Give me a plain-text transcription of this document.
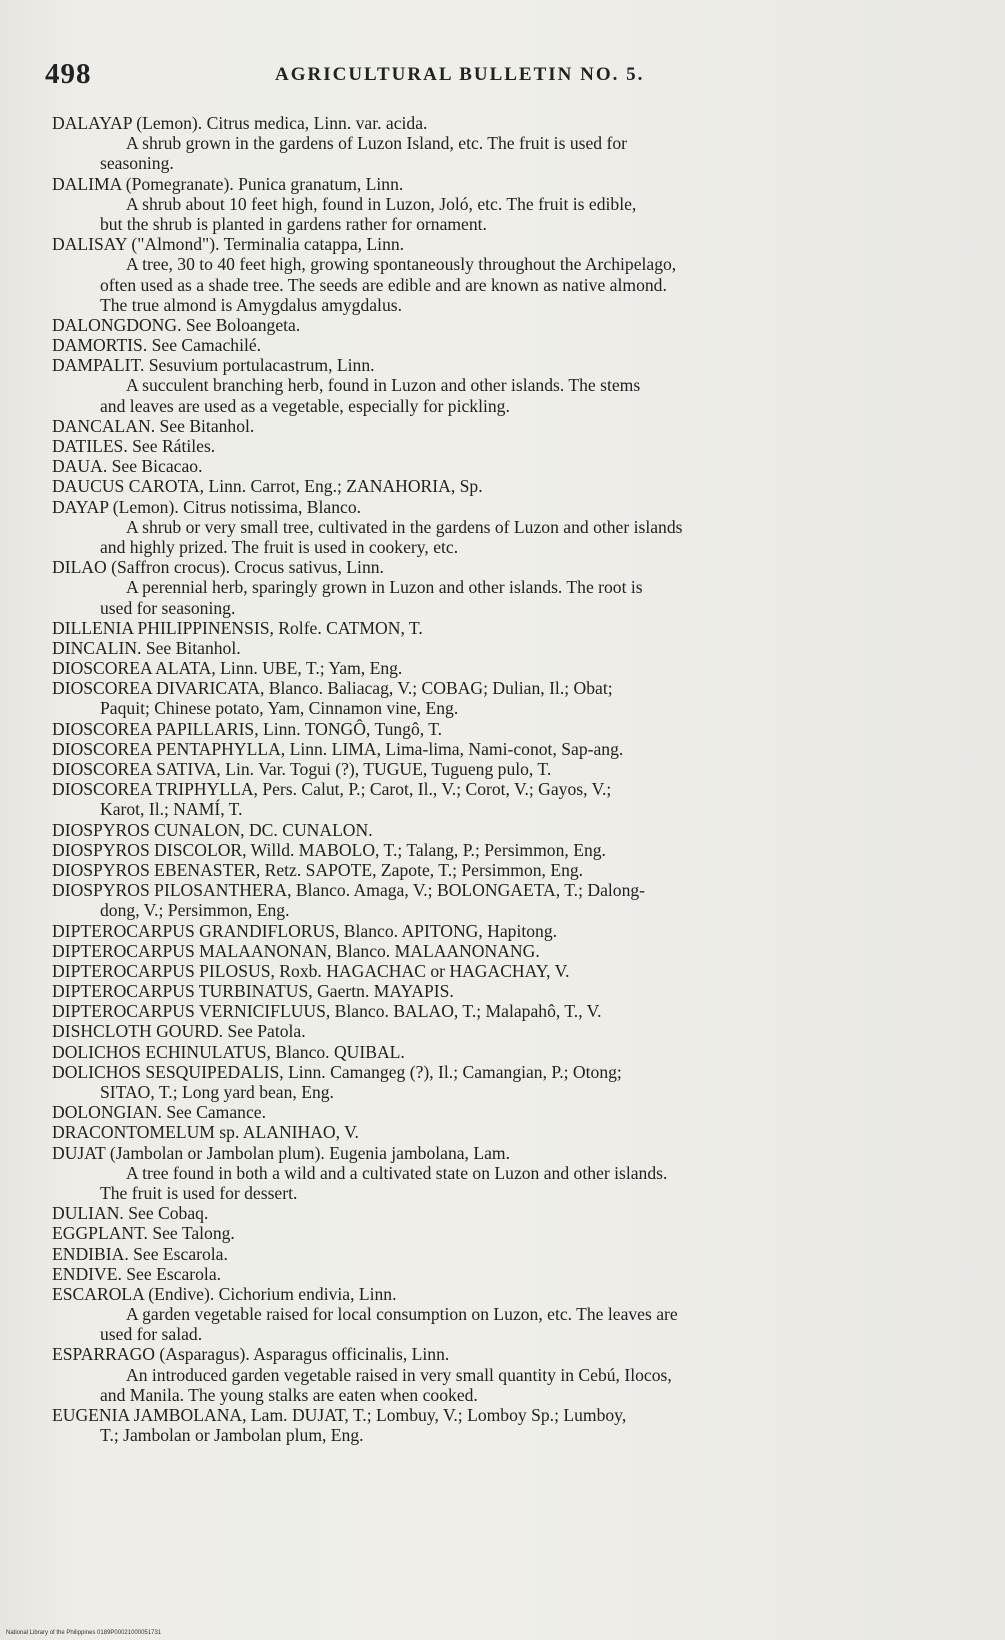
498	AGRICULTURAL BULLETIN NO. 5.
DALAYAP (Lemon). Citrus medica, Linn. var. acida.
A shrub grown in the gardens of Luzon Island, etc. The fruit is used for
seasoning.
DALIMA (Pomegranate). Punica granatum, Linn.
A shrub about 10 feet high, found in Luzon, Joló, etc. The fruit is edible,
but the shrub is planted in gardens rather for ornament.
DALISAY ("Almond"). Terminalia catappa, Linn.
A tree, 30 to 40 feet high, growing spontaneously throughout the Archipelago,
often used as a shade tree. The seeds are edible and are known as native almond.
The true almond is Amygdalus amygdalus.
DALONGDONG. See Boloangeta.
DAMORTIS. See Camachilé.
DAMPALIT. Sesuvium portulacastrum, Linn.
A succulent branching herb, found in Luzon and other islands. The stems
and leaves are used as a vegetable, especially for pickling.
DANCALAN. See Bitanhol.
DATILES. See Rátiles.
DAUA. See Bicacao.
DAUCUS CAROTA, Linn. Carrot, Eng.; ZANAHORIA, Sp.
DAYAP (Lemon). Citrus notissima, Blanco.
A shrub or very small tree, cultivated in the gardens of Luzon and other islands
and highly prized. The fruit is used in cookery, etc.
DILAO (Saffron crocus). Crocus sativus, Linn.
A perennial herb, sparingly grown in Luzon and other islands. The root is
used for seasoning.
DILLENIA PHILIPPINENSIS, Rolfe. CATMON, T.
DINCALIN. See Bitanhol.
DIOSCOREA ALATA, Linn. UBE, T.; Yam, Eng.
DIOSCOREA DIVARICATA, Blanco. Baliacag, V.; COBAG; Dulian, Il.; Obat;
Paquit; Chinese potato, Yam, Cinnamon vine, Eng.
DIOSCOREA PAPILLARIS, Linn. TONGÔ, Tungô, T.
DIOSCOREA PENTAPHYLLA, Linn. LIMA, Lima-lima, Nami-conot, Sap-ang.
DIOSCOREA SATIVA, Lin. Var. Togui (?), TUGUE, Tugueng pulo, T.
DIOSCOREA TRIPHYLLA, Pers. Calut, P.; Carot, Il., V.; Corot, V.; Gayos, V.;
Karot, Il.; NAMÍ, T.
DIOSPYROS CUNALON, DC. CUNALON.
DIOSPYROS DISCOLOR, Willd. MABOLO, T.; Talang, P.; Persimmon, Eng.
DIOSPYROS EBENASTER, Retz. SAPOTE, Zapote, T.; Persimmon, Eng.
DIOSPYROS PILOSANTHERA, Blanco. Amaga, V.; BOLONGAETA, T.; Dalong-
dong, V.; Persimmon, Eng.
DIPTEROCARPUS GRANDIFLORUS, Blanco. APITONG, Hapitong.
DIPTEROCARPUS MALAANONAN, Blanco. MALAANONANG.
DIPTEROCARPUS PILOSUS, Roxb. HAGACHAC or HAGACHAY, V.
DIPTEROCARPUS TURBINATUS, Gaertn. MAYAPIS.
DIPTEROCARPUS VERNICIFLUUS, Blanco. BALAO, T.; Malapahô, T., V.
DISHCLOTH GOURD. See Patola.
DOLICHOS ECHINULATUS, Blanco. QUIBAL.
DOLICHOS SESQUIPEDALIS, Linn. Camangeg (?), Il.; Camangian, P.; Otong;
SITAO, T.; Long yard bean, Eng.
DOLONGIAN. See Camance.
DRACONTOMELUM sp. ALANIHAO, V.
DUJAT (Jambolan or Jambolan plum). Eugenia jambolana, Lam.
A tree found in both a wild and a cultivated state on Luzon and other islands.
The fruit is used for dessert.
DULIAN. See Cobaq.
EGGPLANT. See Talong.
ENDIBIA. See Escarola.
ENDIVE. See Escarola.
ESCAROLA (Endive). Cichorium endivia, Linn.
A garden vegetable raised for local consumption on Luzon, etc. The leaves are
used for salad.
ESPARRAGO (Asparagus). Asparagus officinalis, Linn.
An introduced garden vegetable raised in very small quantity in Cebú, Ilocos,
and Manila. The young stalks are eaten when cooked.
EUGENIA JAMBOLANA, Lam. DUJAT, T.; Lombuy, V.; Lomboy Sp.; Lumboy,
T.; Jambolan or Jambolan plum, Eng.
National Library of the Philippines 0189P00021000051731
